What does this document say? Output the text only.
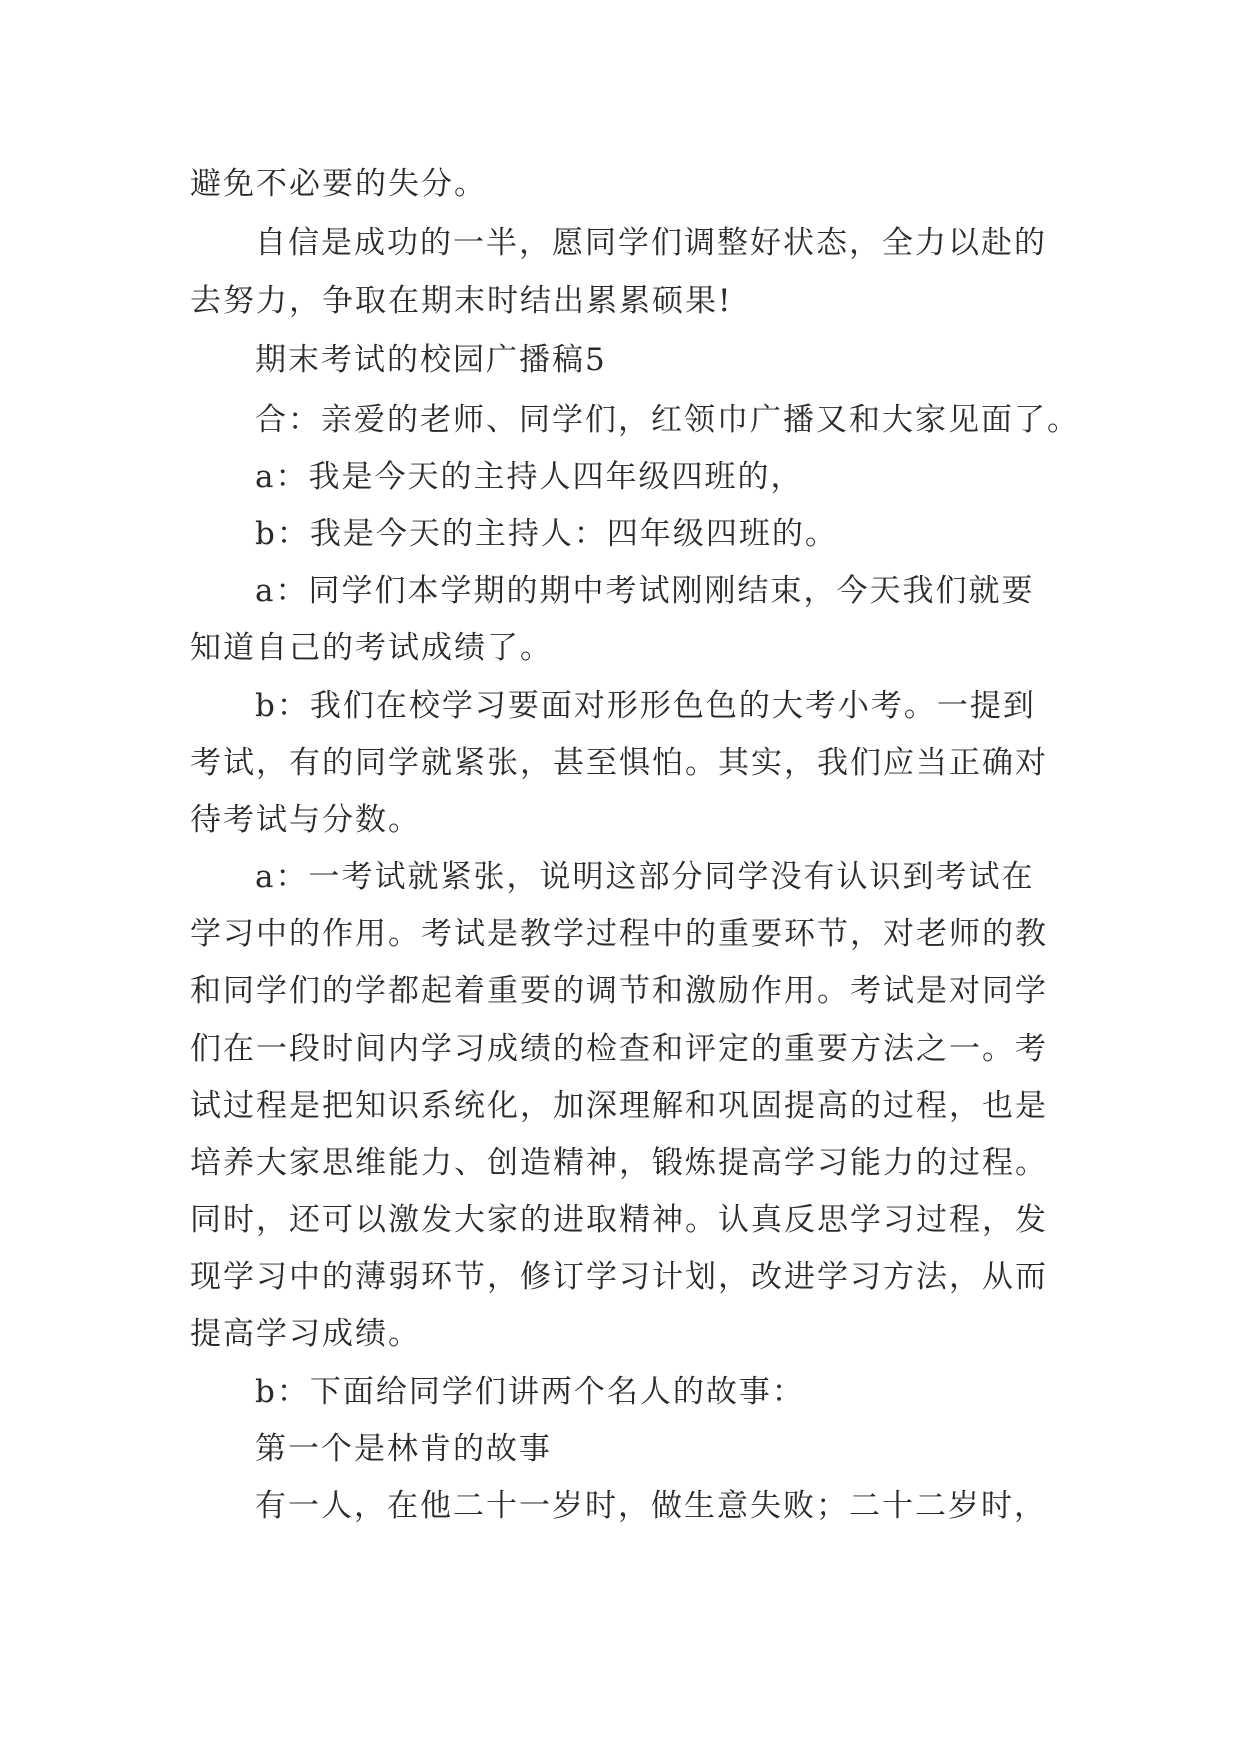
避免不必要的失分。
自信是成功的一半，愿同学们调整好状态，全力以赴的
去努力，争取在期末时结出累累硕果!
期末考试的校园广播稿5
合：亲爱的老师、同学们，红领巾广播又和大家见面了。
a：我是今天的主持人四年级四班的，
b：我是今天的主持人：四年级四班的。
a：同学们本学期的期中考试刚刚结束，今天我们就要
知道自己的考试成绩了。
b：我们在校学习要面对形形色色的大考小考。一提到
考试，有的同学就紧张，甚至惧怕。其实，我们应当正确对
待考试与分数。
a：一考试就紧张，说明这部分同学没有认识到考试在
学习中的作用。考试是教学过程中的重要环节，对老师的教
和同学们的学都起着重要的调节和激励作用。考试是对同学
们在一段时间内学习成绩的检查和评定的重要方法之一。考
试过程是把知识系统化，加深理解和巩固提高的过程，也是
培养大家思维能力、创造精神，锻炼提高学习能力的过程。
同时，还可以激发大家的进取精神。认真反思学习过程，发
现学习中的薄弱环节，修订学习计划，改进学习方法，从而
提高学习成绩。
b：下面给同学们讲两个名人的故事：
第一个是林肯的故事
有一人，在他二十一岁时，做生意失败；二十二岁时，
